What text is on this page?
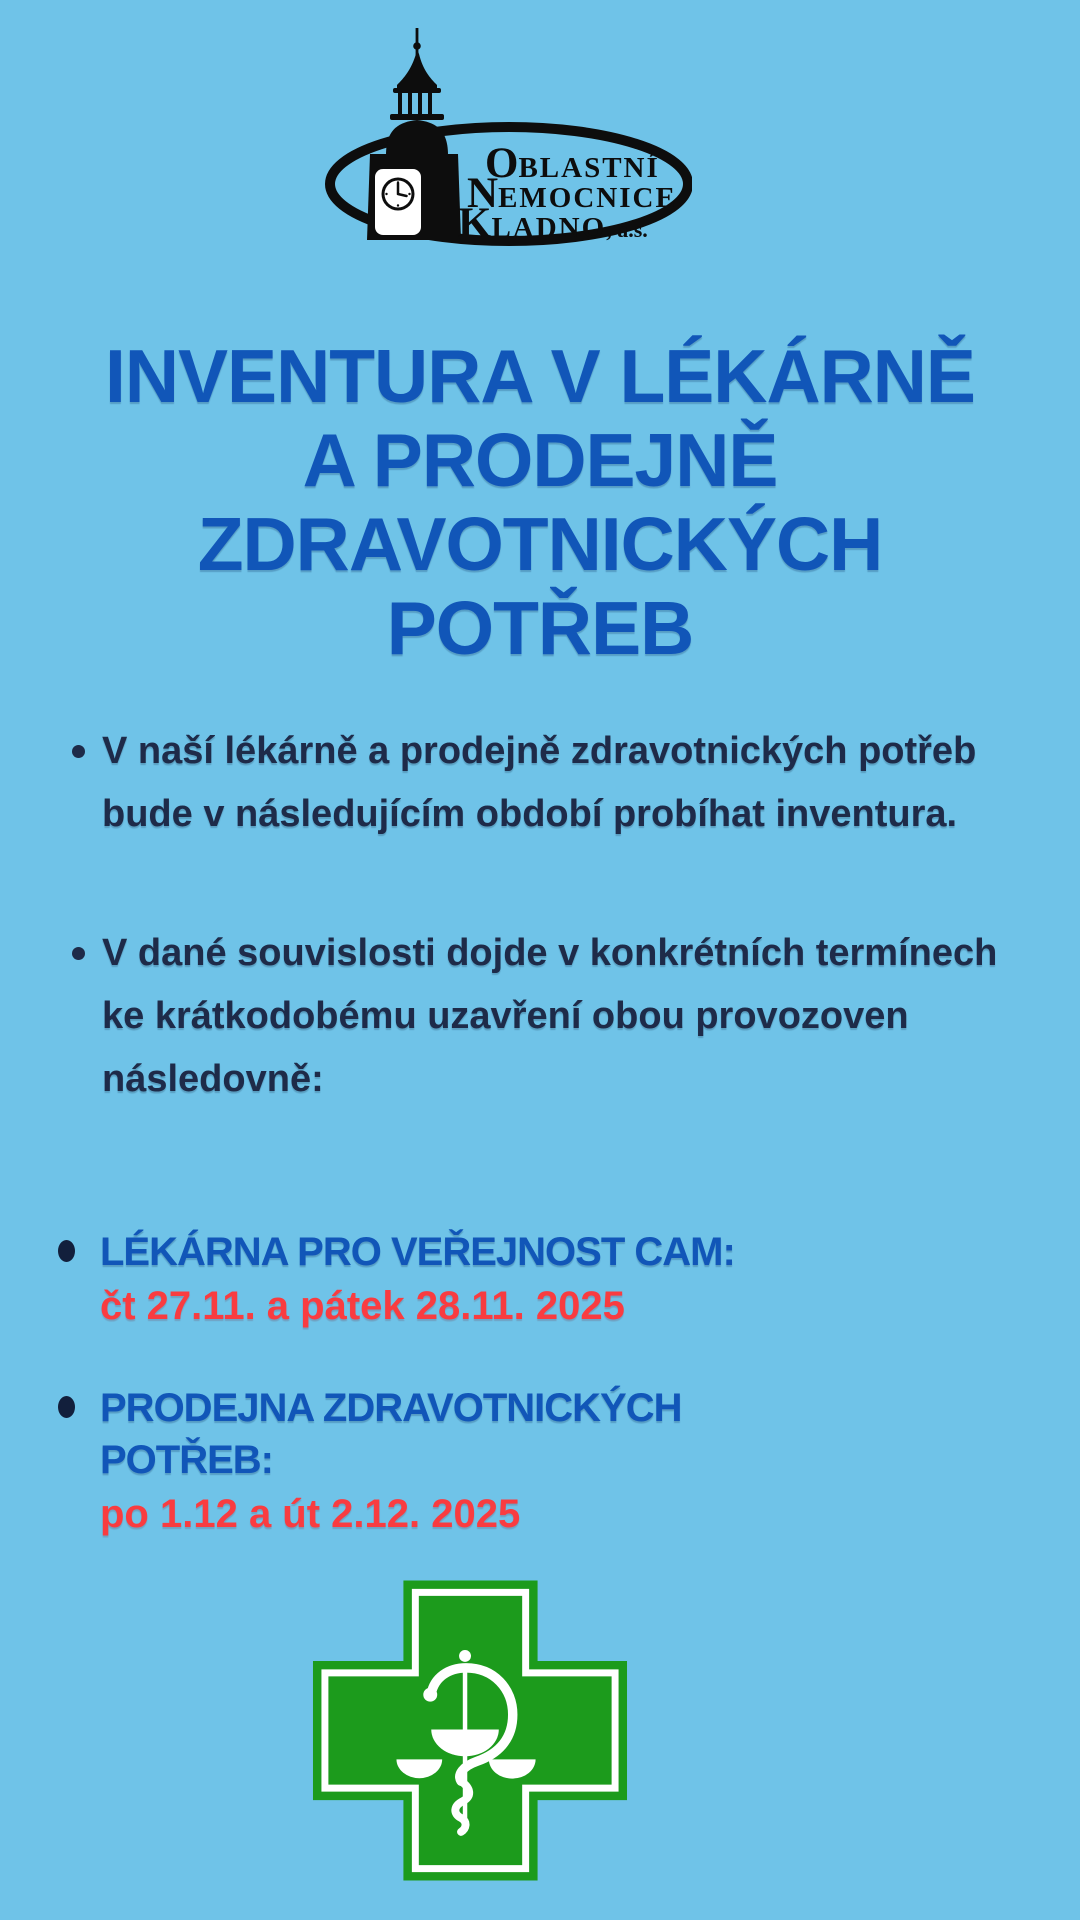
OBLASTNÍ
NEMOCNICE
KLADNO, a.s.
INVENTURA V LÉKÁRNĚ
A PRODEJNĚ
ZDRAVOTNICKÝCH
POTŘEB
V naší lékárně a prodejně zdravotnických potřeb bude v následujícím období probíhat inventura.
V dané souvislosti dojde v konkrétních termínech ke krátkodobému uzavření obou provozoven následovně:
LÉKÁRNA PRO VEŘEJNOST CAM:
čt 27.11. a pátek 28.11. 2025
PRODEJNA ZDRAVOTNICKÝCH POTŘEB:
po 1.12 a út 2.12. 2025
